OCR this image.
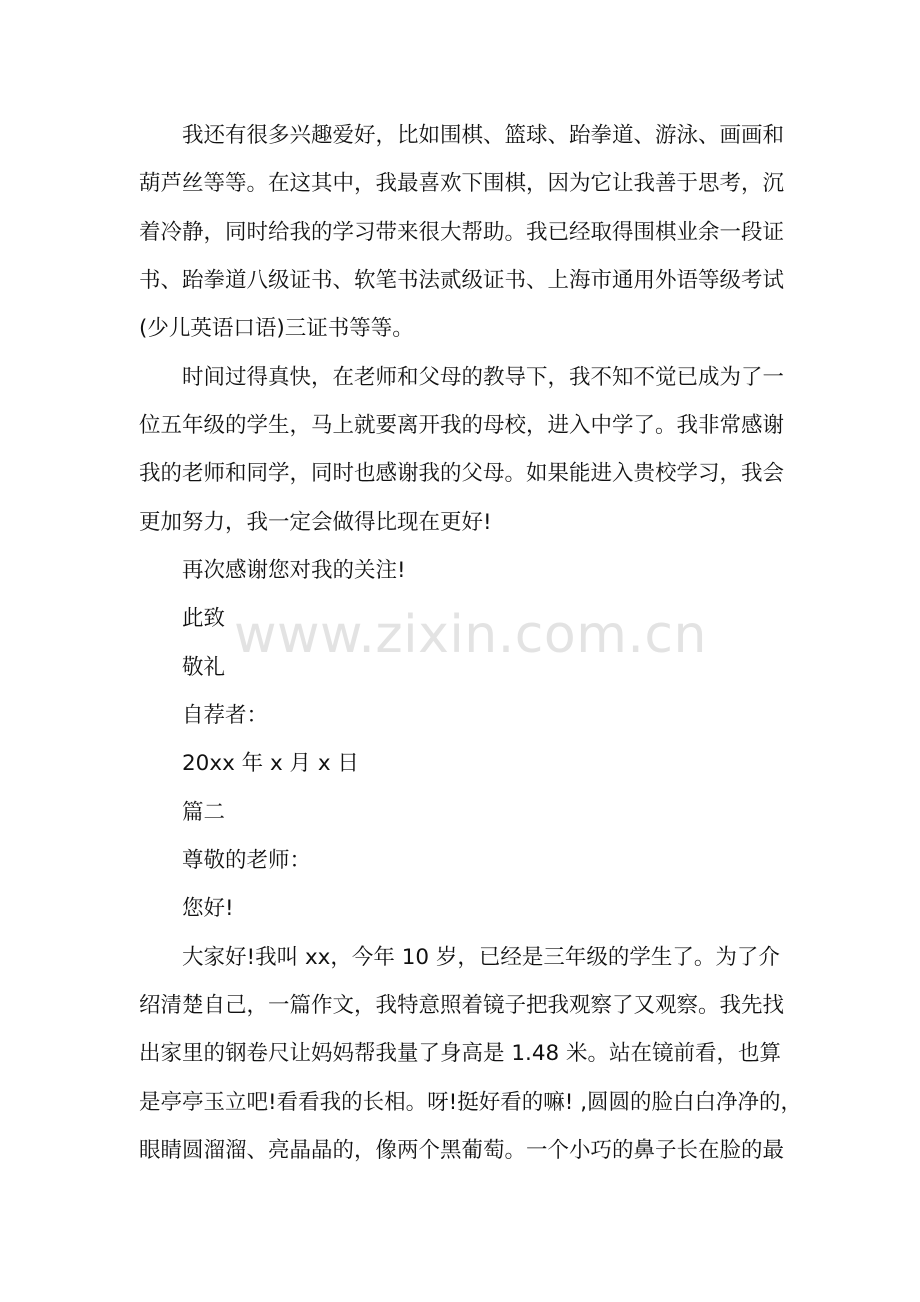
我还有很多兴趣爱好，比如围棋、篮球、跆拳道、游泳、画画和
葫芦丝等等。在这其中，我最喜欢下围棋，因为它让我善于思考，沉
着冷静，同时给我的学习带来很大帮助。我已经取得围棋业余一段证
书、跆拳道八级证书、软笔书法贰级证书、上海市通用外语等级考试
(少儿英语口语)三证书等等。
时间过得真快，在老师和父母的教导下，我不知不觉已成为了一
位五年级的学生，马上就要离开我的母校，进入中学了。我非常感谢
我的老师和同学，同时也感谢我的父母。如果能进入贵校学习，我会
更加努力，我一定会做得比现在更好!
再次感谢您对我的关注!
此致
敬礼
自荐者：
20xx 年 x 月 x 日
篇二
尊敬的老师：
您好!
大家好!我叫 xx，今年 10 岁，已经是三年级的学生了。为了介
绍清楚自己，一篇作文，我特意照着镜子把我观察了又观察。我先找
出家里的钢卷尺让妈妈帮我量了身高是 1.48 米。站在镜前看，也算
是亭亭玉立吧!看看我的长相。呀!挺好看的嘛! ,圆圆的脸白白净净的，
眼睛圆溜溜、亮晶晶的，像两个黑葡萄。一个小巧的鼻子长在脸的最
www.zixin.com.cn
